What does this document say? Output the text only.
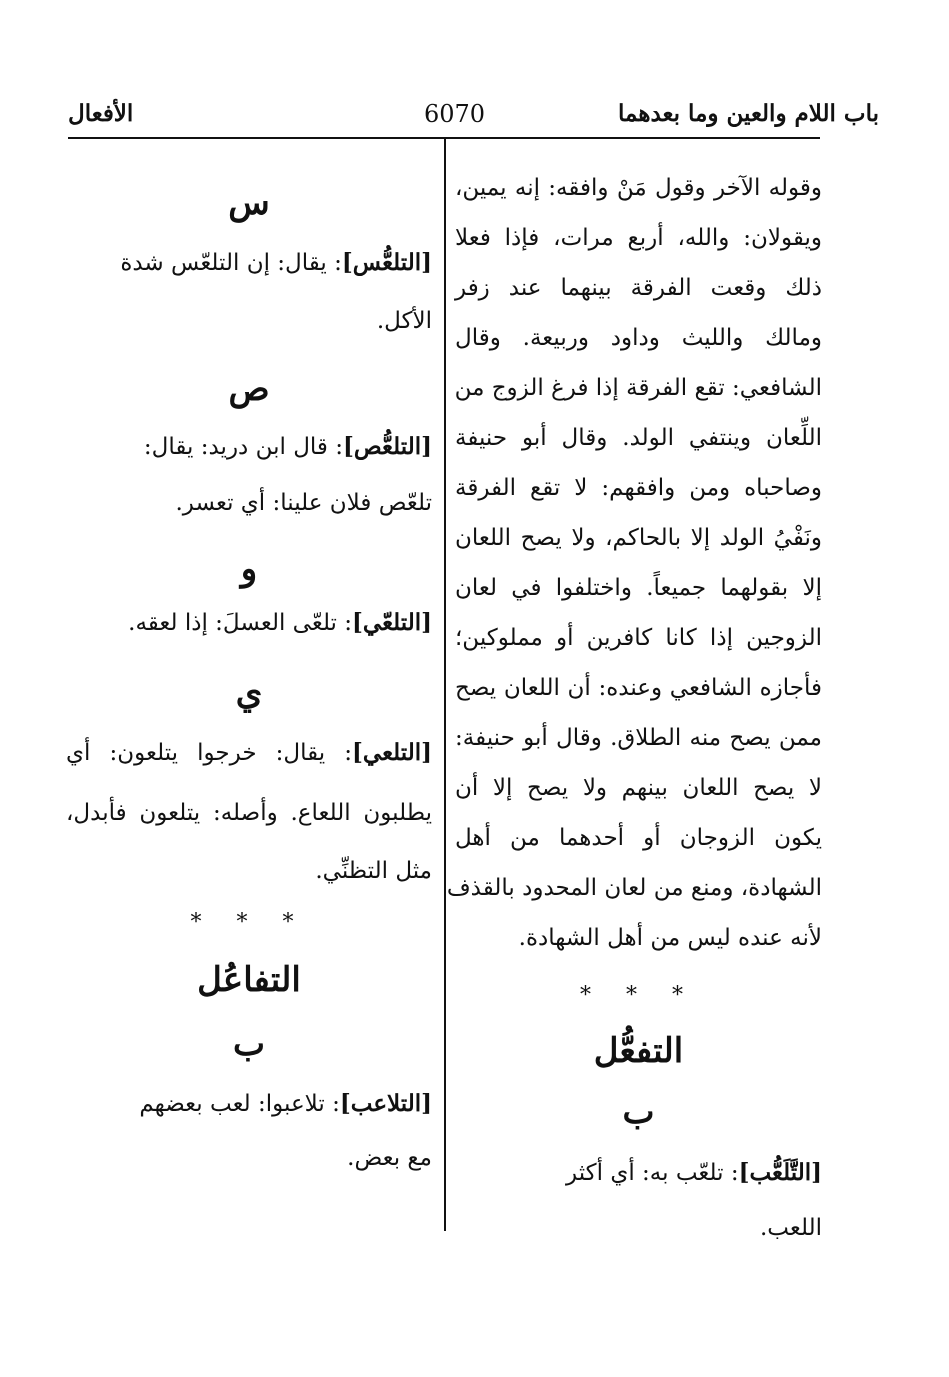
باب اللام والعين وما بعدهما
6070
الأفعال
وقوله الآخر وقول مَنْ وافقه: إنه يمين،
ويقولان: والله، أربع مرات، فإذا فعلا
ذلك وقعت الفرقة بينهما عند زفر
ومالك والليث وداود وربيعة. وقال
الشافعي: تقع الفرقة إذا فرغ الزوج من
اللِّعان وينتفي الولد. وقال أبو حنيفة
وصاحباه ومن وافقهم: لا تقع الفرقة
ونَفْيُ الولد إلا بالحاكم، ولا يصح اللعان
إلا بقولهما جميعاً. واختلفوا في لعان
الزوجين إذا كانا كافرين أو مملوكين؛
فأجازه الشافعي وعنده: أن اللعان يصح
ممن يصح منه الطلاق. وقال أبو حنيفة:
لا يصح اللعان بينهم ولا يصح إلا أن
يكون الزوجان أو أحدهما من أهل
الشهادة، ومنع من لعان المحدود بالقذف
لأنه عنده ليس من أهل الشهادة.
* * *
التفعُّل
ب
[التَّلَعُّب]: تلعّب به: أي أكثر
اللعب.
س
[التلعُّس]: يقال: إن التلعّس شدة
الأكل.
ص
[التلعُّص]: قال ابن دريد: يقال:
تلعّص فلان علينا: أي تعسر.
و
[التلعّي]: تلعّى العسلَ: إذا لعقه.
ي
[التلعي]: يقال: خرجوا يتلعون: أي
يطلبون اللعاع. وأصله: يتلعون فأبدل،
مثل التظنِّي.
* * *
التفاعُل
ب
[التلاعب]: تلاعبوا: لعب بعضهم
مع بعض.
